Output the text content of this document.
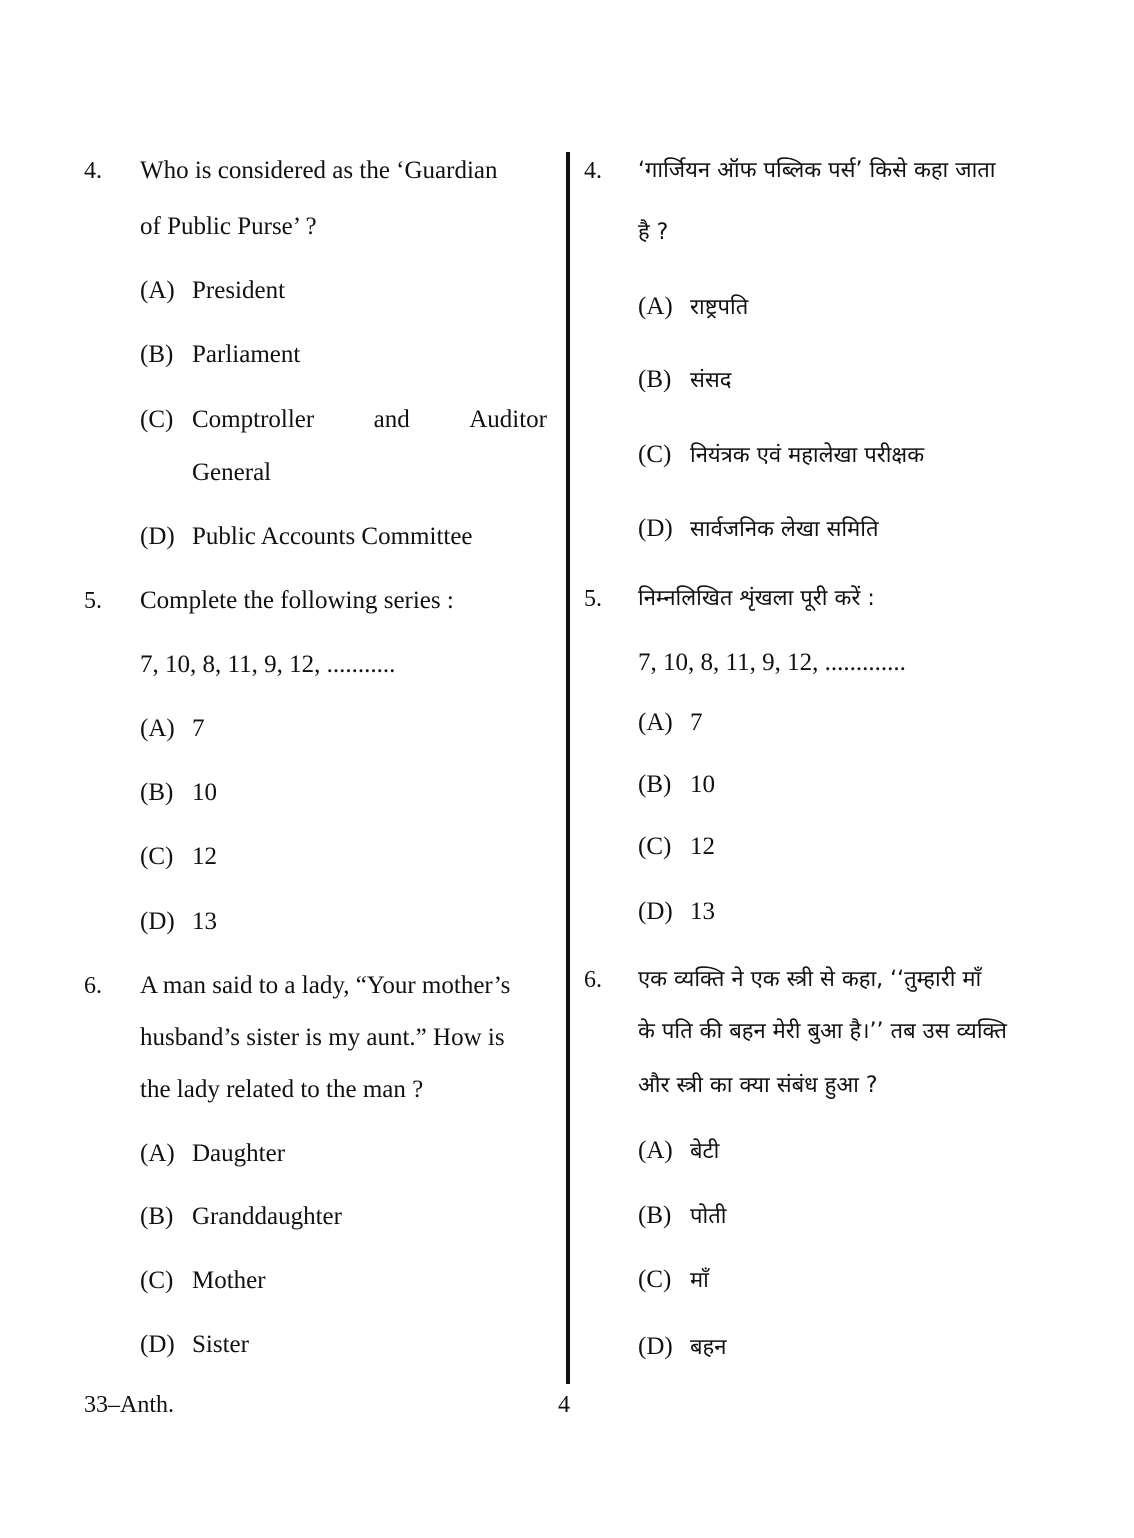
4. Who is considered as the ‘Guardian
of Public Purse’ ?
(A) President
(B) Parliament
(C) Comptroller and Auditor
General
(D) Public Accounts Committee
5. Complete the following series :
7, 10, 8, 11, 9, 12, ...........
(A) 7
(B) 10
(C) 12
(D) 13
6. A man said to a lady, “Your mother’s
husband’s sister is my aunt.” How is
the lady related to the man ?
(A) Daughter
(B) Granddaughter
(C) Mother
(D) Sister
4. ‘गार्जियन ऑफ पब्लिक पर्स’ किसे कहा जाता
है ?
(A) राष्ट्रपति
(B) संसद
(C) नियंत्रक एवं महालेखा परीक्षक
(D) सार्वजनिक लेखा समिति
5. निम्नलिखित शृंखला पूरी करें :
7, 10, 8, 11, 9, 12, .............
(A) 7
(B) 10
(C) 12
(D) 13
6. एक व्यक्ति ने एक स्त्री से कहा, ‘‘तुम्हारी माँ
के पति की बहन मेरी बुआ है।’’ तब उस व्यक्ति
और स्त्री का क्या संबंध हुआ ?
(A) बेटी
(B) पोती
(C) माँ
(D) बहन
33–Anth.	4
